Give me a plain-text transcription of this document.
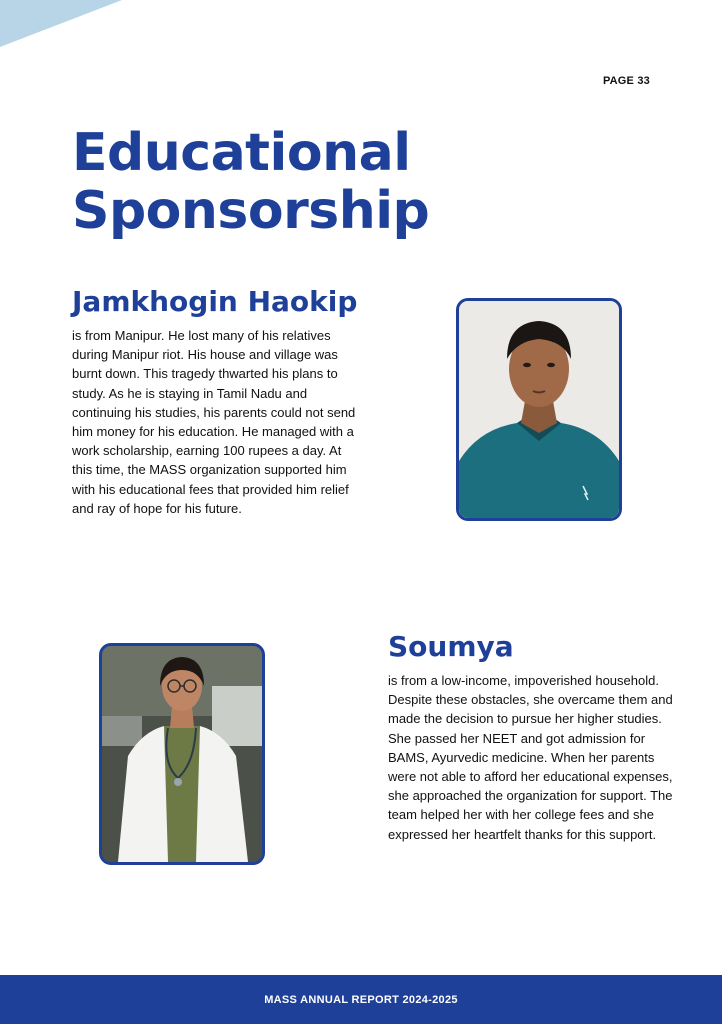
PAGE 33
Educational
Sponsorship
Jamkhogin Haokip

is from Manipur. He lost many of his relatives during Manipur riot. His house and village was burnt down. This tragedy thwarted his plans to study. As he is staying in Tamil Nadu and continuing his studies, his parents could not send him money for his education. He managed with a work scholarship, earning 100 rupees a day. At this time, the MASS organization supported him with his educational fees that provided him relief and ray of hope for his future.

Soumya

is from a low-income, impoverished household. Despite these obstacles, she overcame them and made the decision to pursue her higher studies. She passed her NEET and got admission for BAMS, Ayurvedic medicine. When her parents were not able to afford her educational expenses, she approached the organization for support. The team helped her with her college fees and she expressed her heartfelt thanks for this support.

MASS ANNUAL REPORT 2024-2025
